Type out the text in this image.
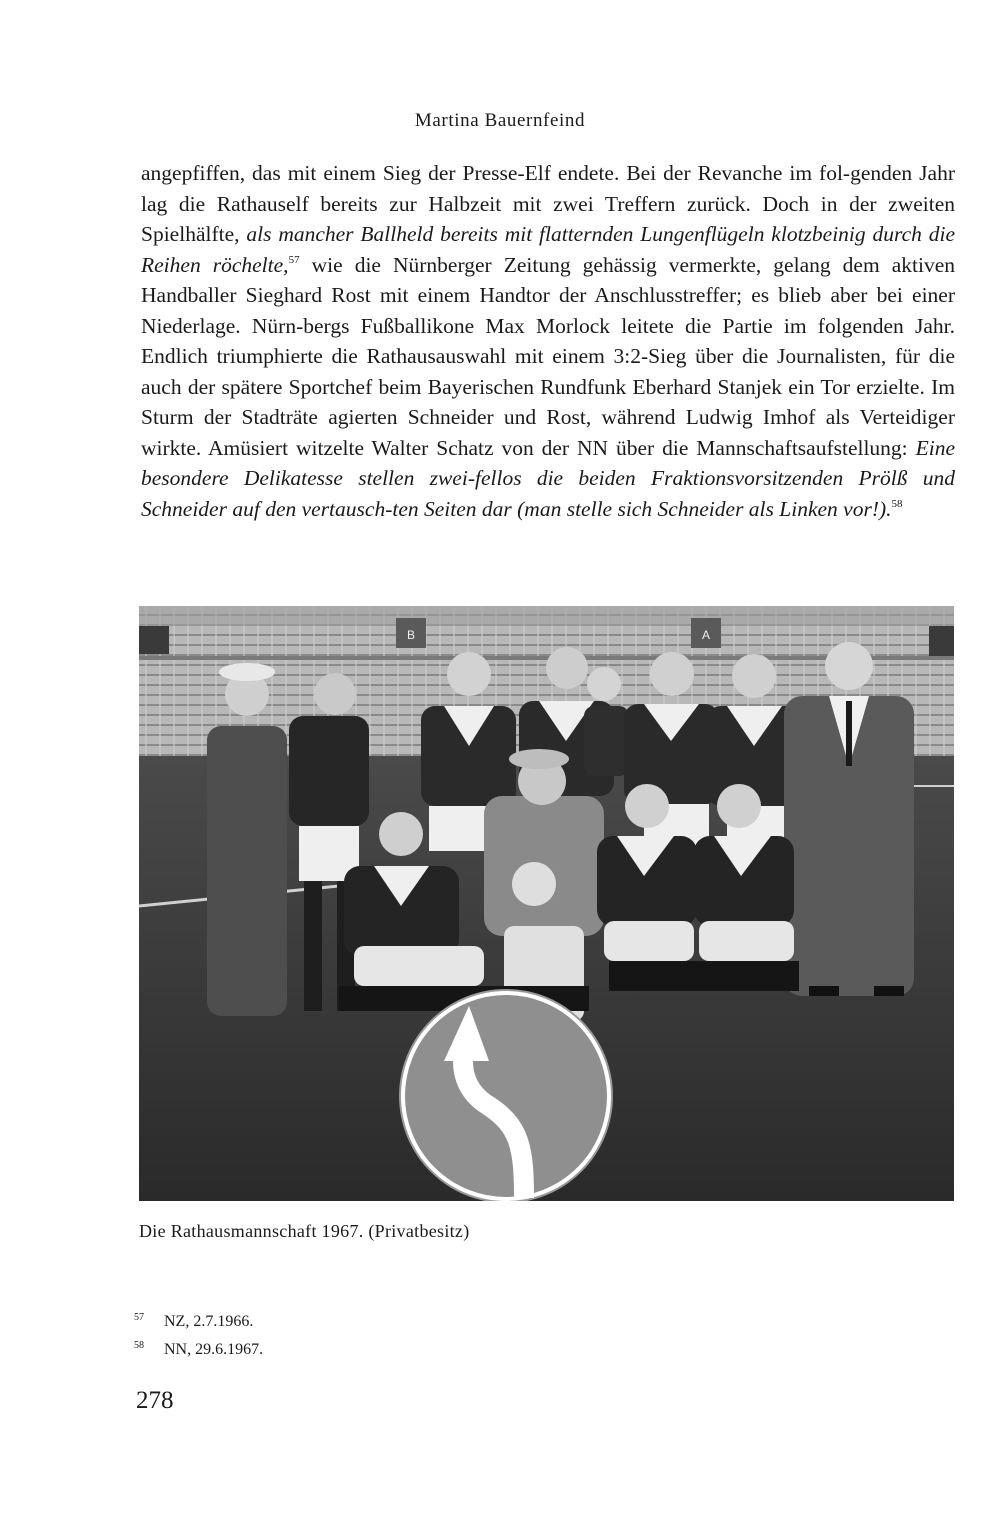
Martina Bauernfeind

angepfiffen, das mit einem Sieg der Presse-Elf endete. Bei der Revanche im fol-genden Jahr lag die Rathauself bereits zur Halbzeit mit zwei Treffern zurück. Doch in der zweiten Spielhälfte, als mancher Ballheld bereits mit flatternden Lungenflügeln klotzbeinig durch die Reihen röchelte,$^{57}$ wie die Nürnberger Zeitung gehässig vermerkte, gelang dem aktiven Handballer Sieghard Rost mit einem Handtor der Anschlusstreffer; es blieb aber bei einer Niederlage. Nürn-bergs Fußballikone Max Morlock leitete die Partie im folgenden Jahr. Endlich triumphierte die Rathausauswahl mit einem 3:2-Sieg über die Journalisten, für die auch der spätere Sportchef beim Bayerischen Rundfunk Eberhard Stanjek ein Tor erzielte. Im Sturm der Stadträte agierten Schneider und Rost, während Ludwig Imhof als Verteidiger wirkte. Amüsiert witzelte Walter Schatz von der NN über die Mannschaftsaufstellung: Eine besondere Delikatesse stellen zwei-fellos die beiden Fraktionsvorsitzenden Prölß und Schneider auf den vertausch-ten Seiten dar (man stelle sich Schneider als Linken vor!).$^{58}$

B	A
Die Rathausmannschaft 1967. (Privatbesitz)
57 NZ, 2.7.1966.
58 NN, 29.6.1967.
278
